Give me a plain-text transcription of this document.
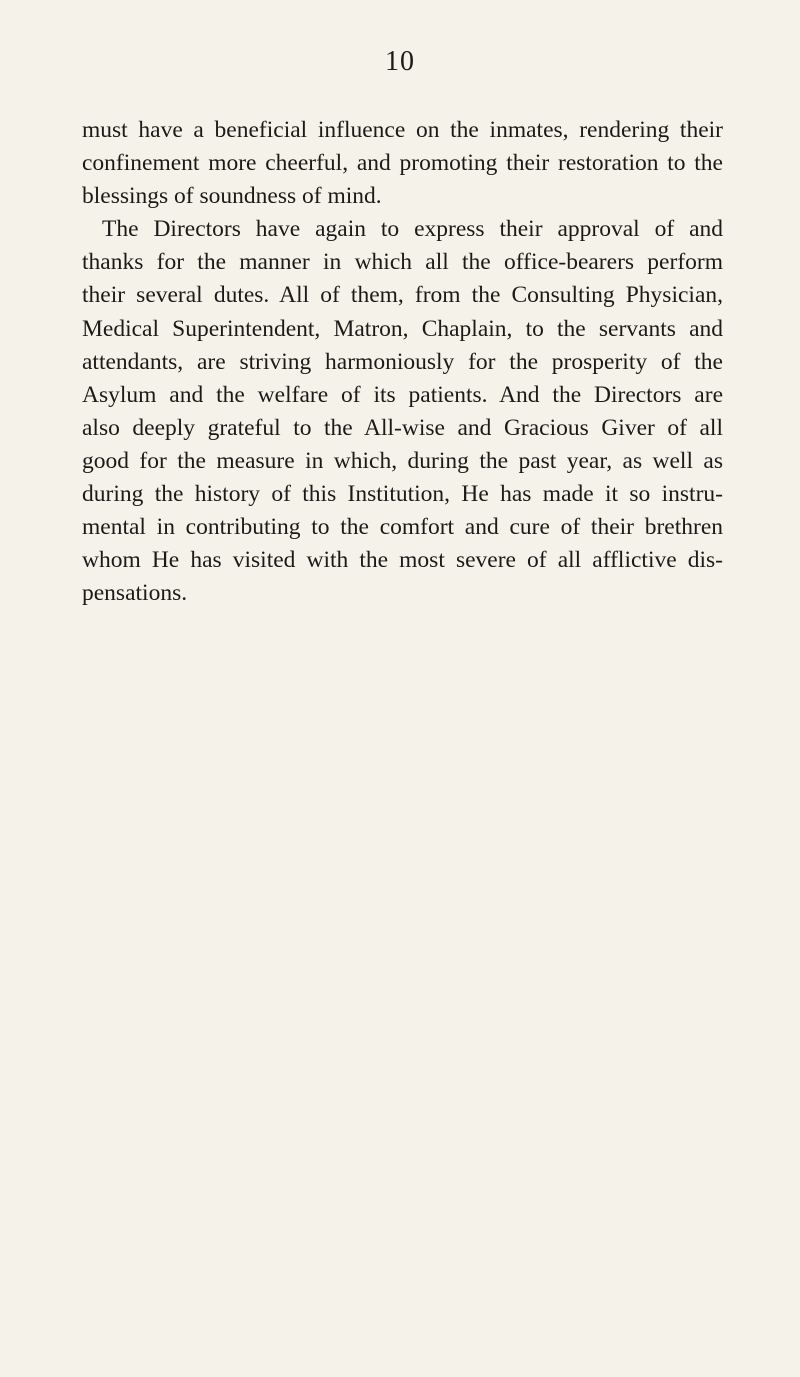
10
must have a beneficial influence on the inmates, rendering their
confinement more cheerful, and promoting their restoration to the
blessings of soundness of mind.
The Directors have again to express their approval of and
thanks for the manner in which all the office-bearers perform
their several dutes. All of them, from the Consulting Physician,
Medical Superintendent, Matron, Chaplain, to the servants and
attendants, are striving harmoniously for the prosperity of the
Asylum and the welfare of its patients. And the Directors are
also deeply grateful to the All-wise and Gracious Giver of all
good for the measure in which, during the past year, as well as
during the history of this Institution, He has made it so instru-
mental in contributing to the comfort and cure of their brethren
whom He has visited with the most severe of all afflictive dis-
pensations.
